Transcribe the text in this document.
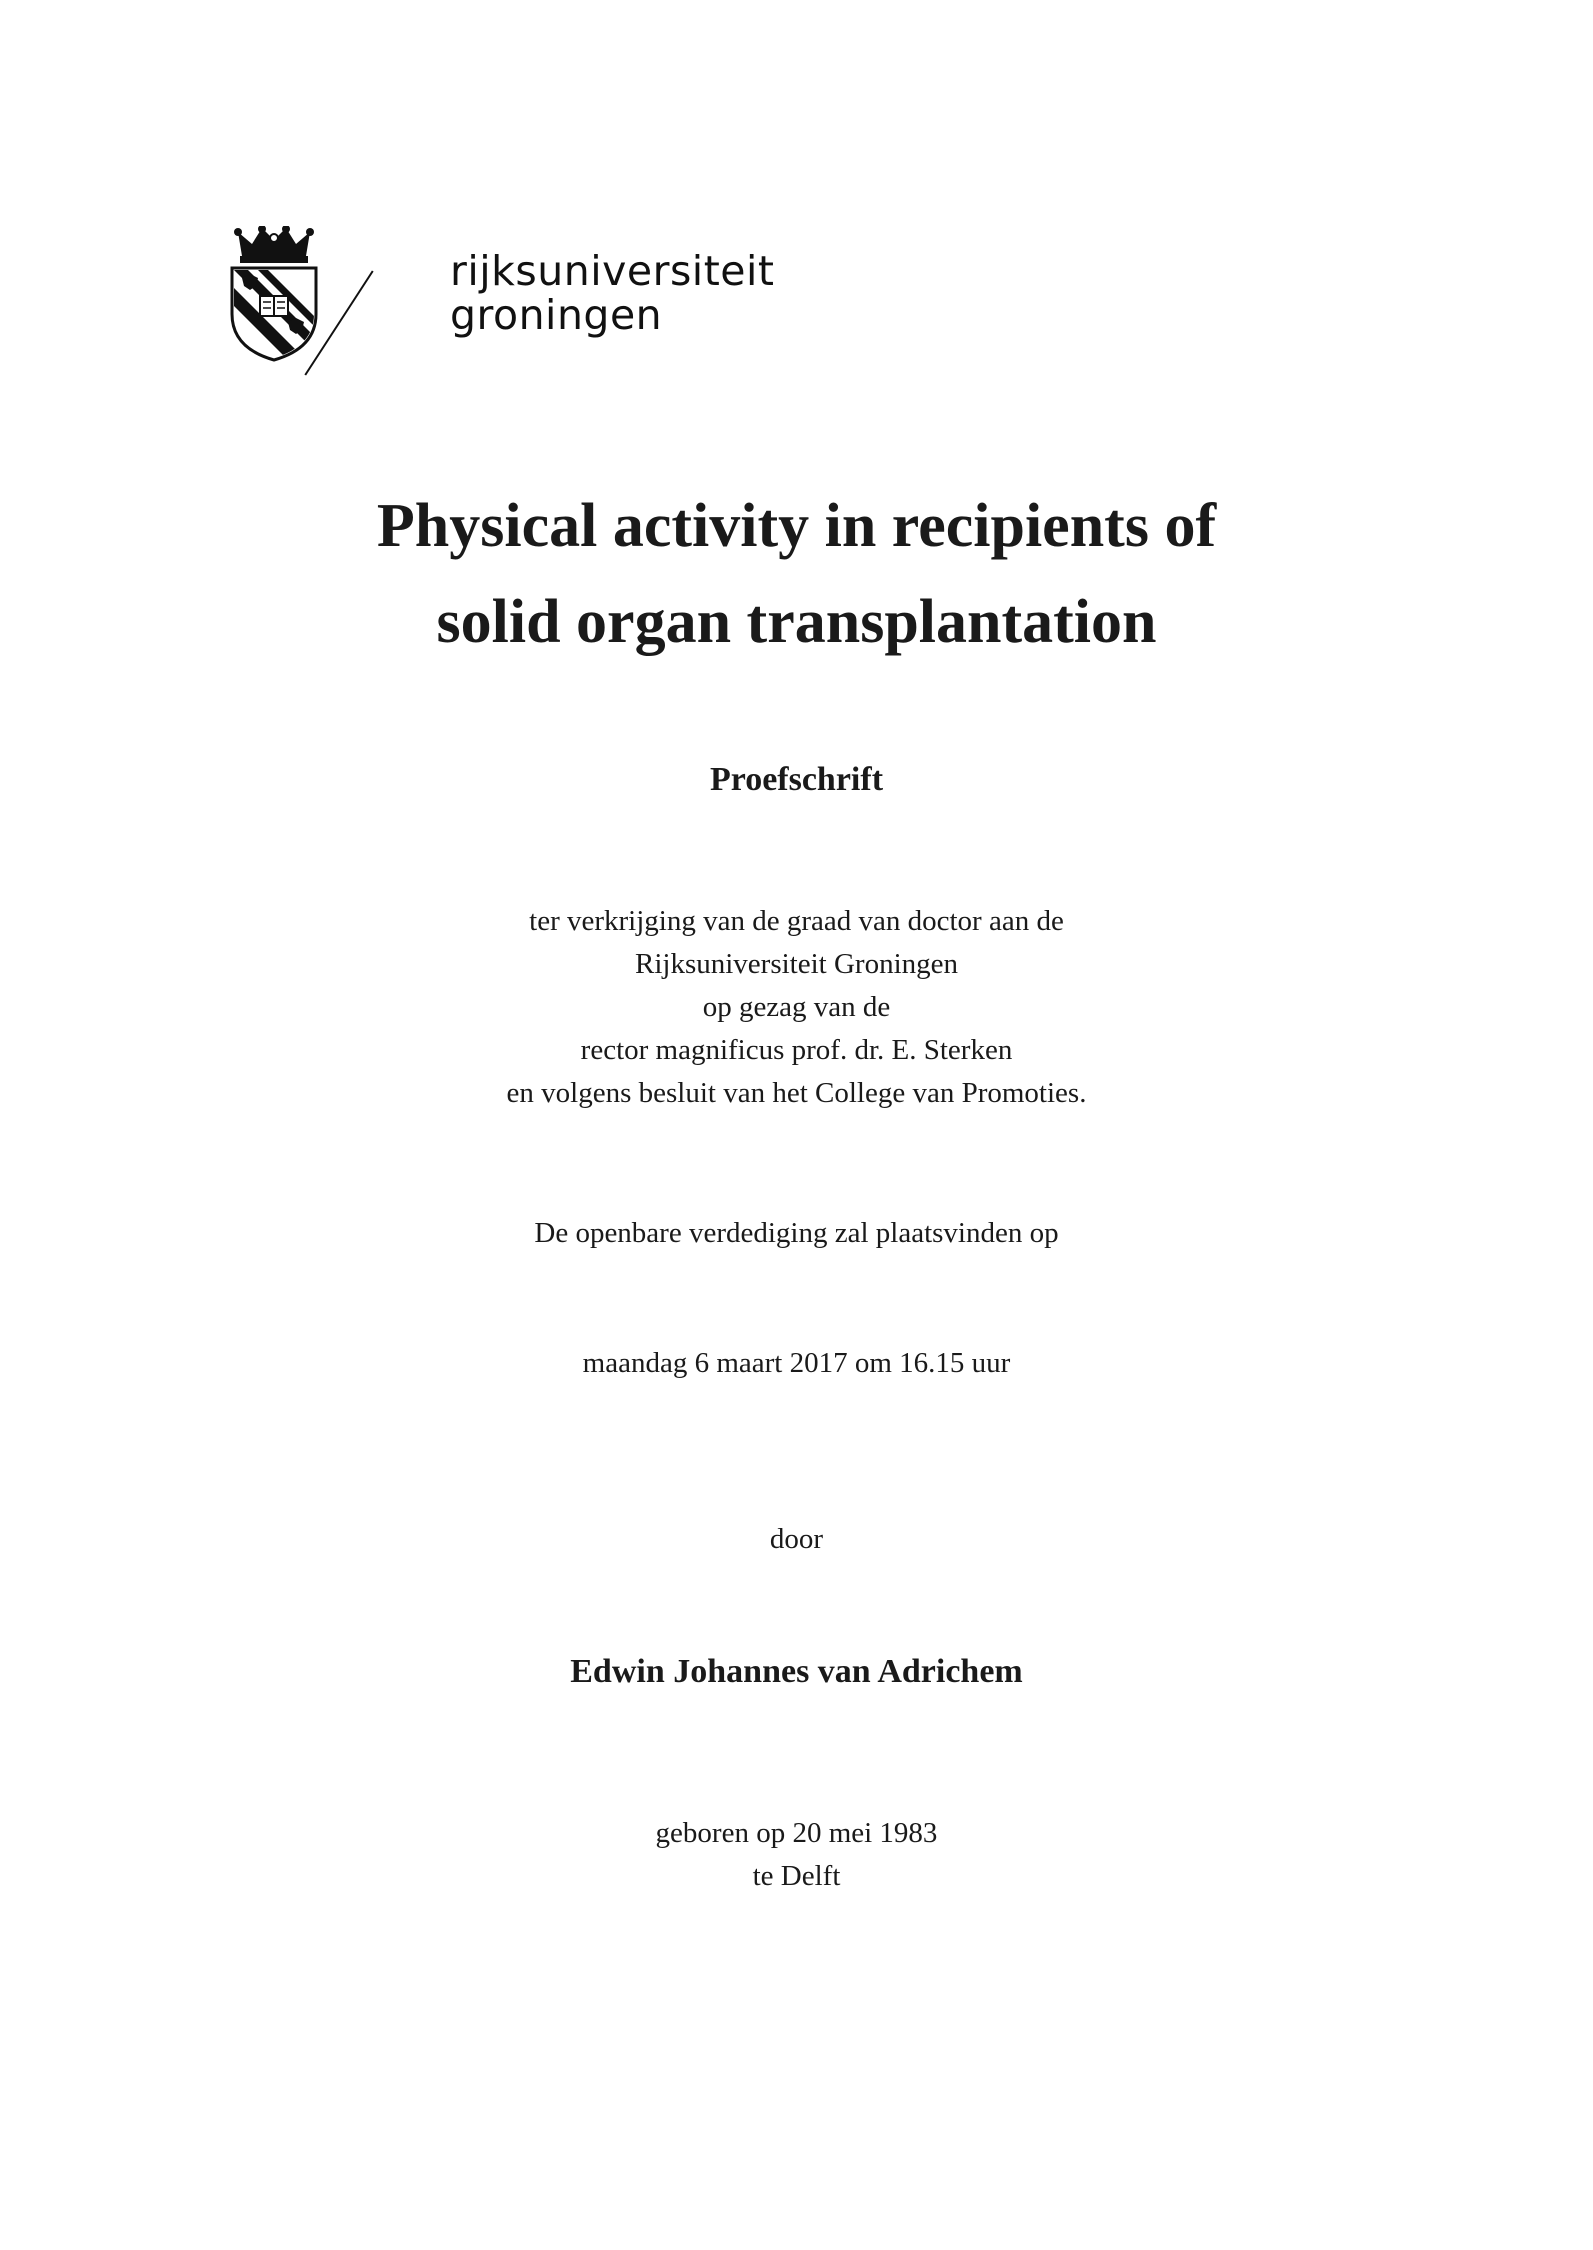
rijksuniversiteit
groningen
Physical activity in recipients of
solid organ transplantation
Proefschrift
ter verkrijging van de graad van doctor aan de
Rijksuniversiteit Groningen
op gezag van de
rector magnificus prof. dr. E. Sterken
en volgens besluit van het College van Promoties.
De openbare verdediging zal plaatsvinden op
maandag 6 maart 2017 om 16.15 uur
door
Edwin Johannes van Adrichem
geboren op 20 mei 1983
te Delft
